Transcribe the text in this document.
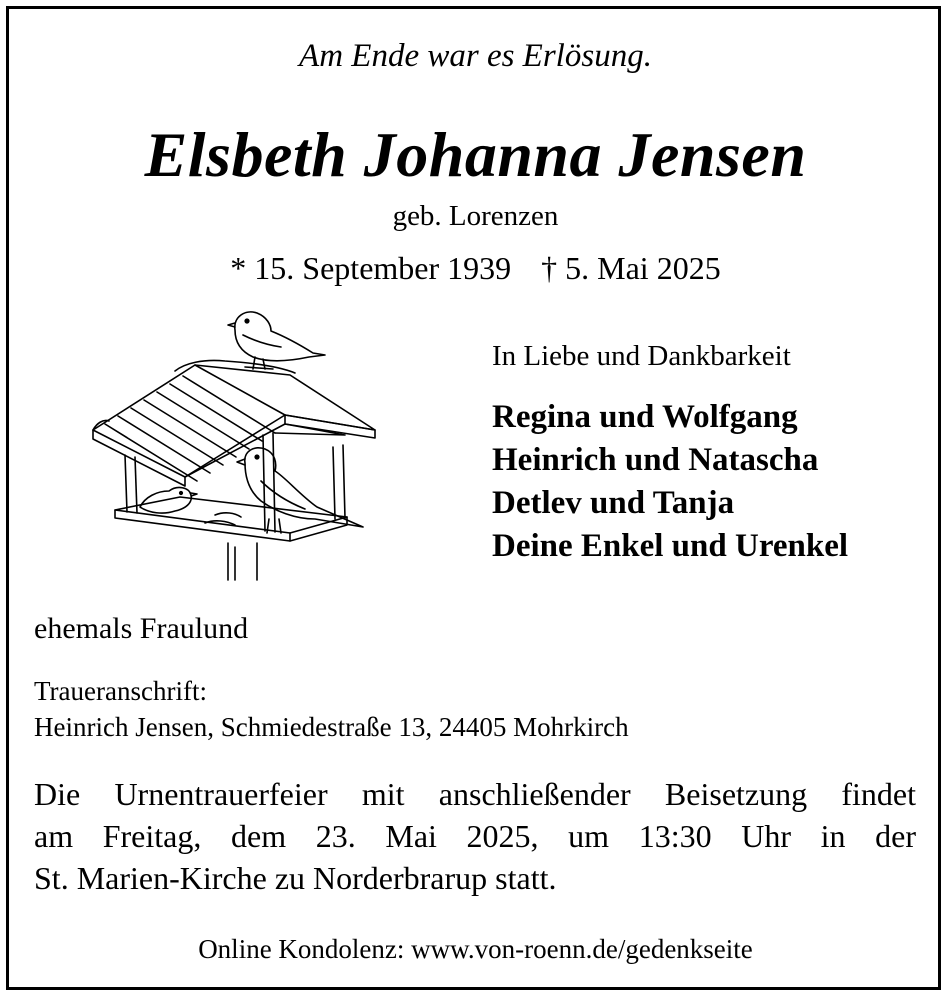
Am Ende war es Erlösung.
Elsbeth Johanna Jensen
geb. Lorenzen
* 15. September 1939 † 5. Mai 2025
In Liebe und Dankbarkeit
Regina und Wolfgang
Heinrich und Natascha
Detlev und Tanja
Deine Enkel und Urenkel
ehemals Fraulund
Traueranschrift:
Heinrich Jensen, Schmiedestraße 13, 24405 Mohrkirch
Die Urnentrauerfeier mit anschließender Beisetzung findet
am Freitag, dem 23. Mai 2025, um 13:30 Uhr in der
St. Marien-Kirche zu Norderbrarup statt.
Online Kondolenz: www.von-roenn.de/gedenkseite
